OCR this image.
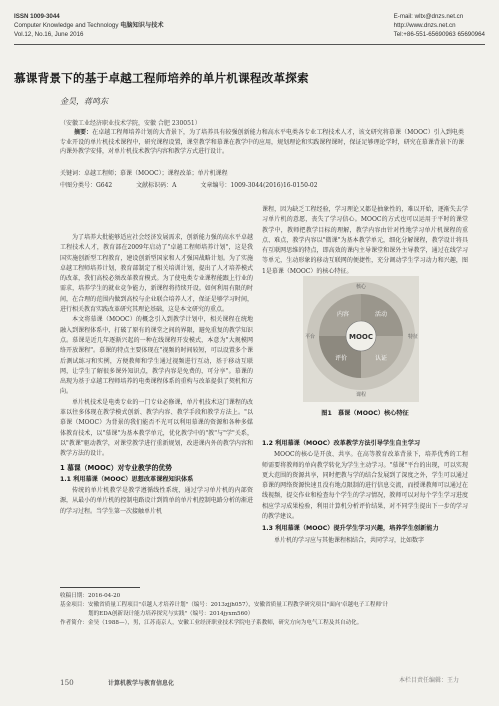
ISSN 1009-3044
Computer Knowledge and Technology 电脑知识与技术
Vol.12, No.16, June 2016
E-mail: wltx@dnzs.net.cn
http://www.dnzs.net.cn
Tel:+86-551-65690963 65690964
慕课背景下的基于卓越工程师培养的单片机课程改革探索
金昊，蒋鸣东
（安徽工业经济职业技术学院，安徽 合肥 230051）
摘要：在卓越工程师培养计划的大背景下，为了培养具有较强创新能力和高水平电类各专业工程技术人才，该文研究将慕课（MOOC）引入到电类专业开设的单片机技术课程中，研究课程设置，课堂教学和慕课在教学中的应用，规划理论和实践课程课时，保证足够理论学时，研究在慕课背景下的课内课外教学安排，对单片机技术教学内容和教学方式进行设计。
关键词：卓越工程师；慕课（MOOC）；课程改革；单片机课程
中图分类号：G642	文献标识码：A	文章编号：1009-3044(2016)16-0150-02

为了培养大批能够适应社会经济发展需求，创新能力强的高水平卓越工程技术人才，教育部在2009年启动了"卓越工程师培养计划"，这是我国实施创新型工程教育，建设创新型国家和人才强国战略计划。为了实施卓越工程师培养计划，教育部制定了相关培训计划，提出了人才培养模式的改革，我们高校必须改革教育模式。为了使电类专业课程能跟上行业的需求，培养学生的就业竞争能力，新课程将持续开设。如何利用有限的时间，在合理的范围内做到高校与企业联合培养人才，保证是够学习时间，进行相关教育实践改革研究其理论基础，这是本文研究的重点。

本文将慕课（MOOC）的概念引入到教学计划中，相关课程在统地融入到课程体系中，打破了原有的课堂之间的界限，避免重复的教学知识点。慕课是近几年逐渐兴起的一种在线课程开发模式，本意为"大规模网络开放课程"。慕课的特点主要体现在"视频的时间较短，可以设置多个课后测试练习和实例，方便教师和学生通过视频进行互动，基于移动互联网，让学生了解很多课外知识点，教学内容是免费的，可分享"。慕课的出现为基于卓越工程师培养的电类课程体系的重构与改革提供了契机和方向。

单片机技术是电类专业的一门专业必修课，单片机技术这门课程的改革以往多体现在教学模式创新、教学内容、教学手段和教学方法上。"以慕课（MOOC）为背景的我们能否不光可以利用慕课的资源和各种多媒体教育技术，以"慕课"为基本教学单元，优化教学中的"教"与"学"关系，以"教课"驱动教学，对课堂教学进行重新规划，改进课内外的教学内容和教学方法的设计。

1 慕课（MOOC）对专业教学的优势
1.1 利用慕课（MOOC）思想改革课程知识体系

传统的单片机教学是教学遵循线性系统，通过学习单片机的内部资源，从最小的单片机的控制电路设计到简单的单片机控制电路分析的渐进的学习过程。当学生第一次接触单片机

课程，因为缺乏工程经验，学习理论又都是抽象性的，难以开始，逐渐失去学习单片机的意愿，丧失了学习信心。MOOC的方式也可以运用于平时的课堂教学中，教师把教学目标的理解，教学内容由针对性地学习单片机课程的重点、难点，教学内容以"微课"为基本教学单元，细化分解课程，教学设计将具有互联网思维的特点，即高效的课内主导课堂和课外主导教学，通过在线学习等单元，生动形象的移动互联网的便捷性，充分调动学生学习动力和兴趣，图1是慕课（MOOC）的核心特征。

MOOC
内容	活动
认证
评价
核心
特征
课程
平台
图1　慕课（MOOC）核心特征
1.2 利用慕课（MOOC）改革教学方法引导学生自主学习

MOOC的核心是开放、共享。在高等教育改革背景下，培养优秀的工程师需要将教师的单向教学转化为学生主动学习。"慕课"平台的出现，可以实现更大范围的资源共享，同时把教与学的结合发展到了深度之外，学生可以通过慕课的网络资源快速且没有地点限制的进行信息交流，而授课教师可以通过在线视频，提交作业和检查每个学生的学习情况，教师可以对每个学生学习进度相应学习成果检验，利用计算机分析评价结果，对不同学生提出下一步的学习的教学建议。

1.3 利用慕课（MOOC）提升学生学习兴趣，培养学生创新能力

单片机的学习应与其他课程相结合，共同学习，比如数字

收稿日期：2016-04-20
基金项目：安徽省质量工程项目"卓越人才培养计划"（编号：2013zjjh057），安徽省质量工程教学研究项目"面向'卓越电子工程师'计
　　　　　划的EDA创新设计能力培养探究与实践"（编号：2014jyxm560）
作者简介：金昊（1988—），男，江苏南京人，安徽工业经济职业技术学院电子系教师，研究方向为电气工程及其自动化。
150	计算机教学与教育信息化	本栏目责任编辑：王力
